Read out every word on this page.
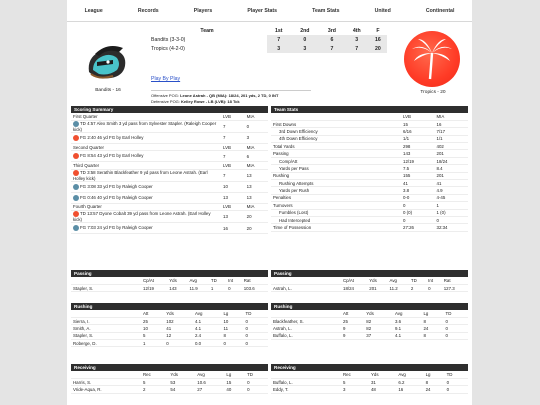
League	Records	Players	Player Stats	Team Stats	United	Continental
Bandits - 16
Team	1st	2nd	3rd	4th	F
Bandits (3-3-0)	7	0	6	3	16
Tropics (4-2-0)	3	3	7	7	20
Play By Play
Offensive POG: Leone Astrah - QB (MIA): 18/24, 201 yds, 2 TD, 0 INT
Defensive POG: Kelley Rowe - LB (LVB): 18 Tck
Tropics - 20
Scoring Summary
First Quarter	LVB	MIA
TD 4:57 Alex Smith 3 yd pass from Sylvester Stapler. (Raleigh Cooper kick)	7	0
FG 2:40 46 yd FG by Earl Holley	7	3
Second Quarter	LVB	MIA
FG 8:54 43 yd FG by Earl Holley	7	6
Third Quarter	LVB	MIA
TD 3:58 Serathin Blackfeather 9 yd pass from Leone Astrah. (Earl Holley kick)	7	13
FG 3:08 33 yd FG by Raleigh Cooper	10	13
FG 0:46 40 yd FG by Raleigh Cooper	13	13
Fourth Quarter	LVB	MIA
TD 13:57 Dyone Cobalt 39 yd pass from Leone Astrah. (Earl Holley kick)	13	20
FG 7:03 24 yd FG by Raleigh Cooper	16	20
Team Stats
	LVB	MIA
First Downs	15	16
3rd Down Efficiency	6/16	7/17
4th Down Efficiency	1/1	1/1
Total Yards	298	402
Passing	143	201
Comp/Att	12/19	18/24
Yards per Pass	7.5	8.4
Rushing	155	201
Rushing Attempts	41	41
Yards per Rush	3.8	4.9
Penalties	0-0	4-45
Turnovers	0	1
Fumbles (Lost)	0 (0)	1 (0)
Had Intercepted	0	0
Time of Possession	27:26	32:34
Passing
	Cp/At	Yds	Avg	TD	Int	Rat
Stapler, S.	12/19	143	11.9	1	0	103.6
Passing
	Cp/At	Yds	Avg	TD	Int	Rat
Astrah, L.	18/24	201	11.2	2	0	127.3
Rushing
	Att	Yds	Avg	Lg	TD
Sierra, I.	25	102	4.1	10	0
Smith, A.	10	41	4.1	11	0
Stapler, S.	5	12	2.4	8	0
Roberge, D.	1	0	0.0	0	0
Rushing
	Att	Yds	Avg	Lg	TD
Blackfeather, S.	25	82	3.6	8	0
Astrah, L.	9	82	9.1	24	0
Buffalo, L.	9	37	4.1	8	0
Receiving
	Rec	Yds	Avg	Lg	TD
Harris, S.	5	53	10.6	15	0
Vride-Aqua, R.	2	54	27	40	0
Receiving
	Rec	Yds	Avg	Lg	TD
Buffalo, L.	5	31	6.2	8	0
Eddy, T.	3	48	16	24	0
